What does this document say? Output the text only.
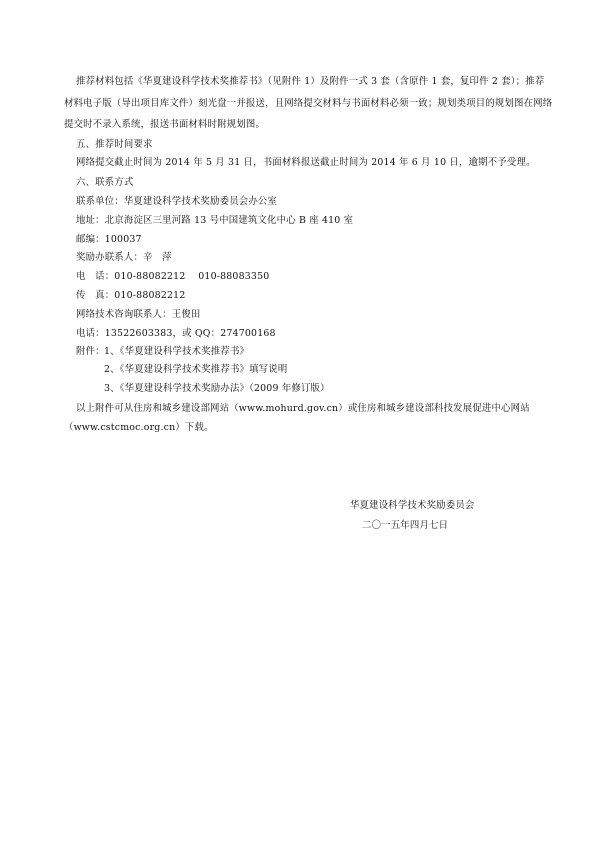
推荐材料包括《华夏建设科学技术奖推荐书》（见附件 1）及附件一式 3 套（含原件 1 套，复印件 2 套）；推荐
材料电子版（导出项目库文件）刻光盘一并报送，且网络提交材料与书面材料必须一致；规划类项目的规划图在网络
提交时不录入系统，报送书面材料时附规划图。
五、推荐时间要求
网络提交截止时间为 2014 年 5 月 31 日，书面材料报送截止时间为 2014 年 6 月 10 日，逾期不予受理。
六、联系方式
联系单位：华夏建设科学技术奖励委员会办公室
地址：北京海淀区三里河路 13 号中国建筑文化中心 B 座 410 室
邮编：100037
奖励办联系人：辛　萍
电　话：010-88082212　 010-88083350
传　真：010-88082212
网络技术咨询联系人：王俊田
电话：13522603383，或 QQ：274700168
附件： 1、《华夏建设科学技术奖推荐书》
2、《华夏建设科学技术奖推荐书》填写说明
3、《华夏建设科学技术奖励办法》（2009 年修订版）
以上附件可从住房和城乡建设部网站（www.mohurd.gov.cn）或住房和城乡建设部科技发展促进中心网站
（www.cstcmoc.org.cn）下载。
华夏建设科学技术奖励委员会
二〇一五年四月七日
